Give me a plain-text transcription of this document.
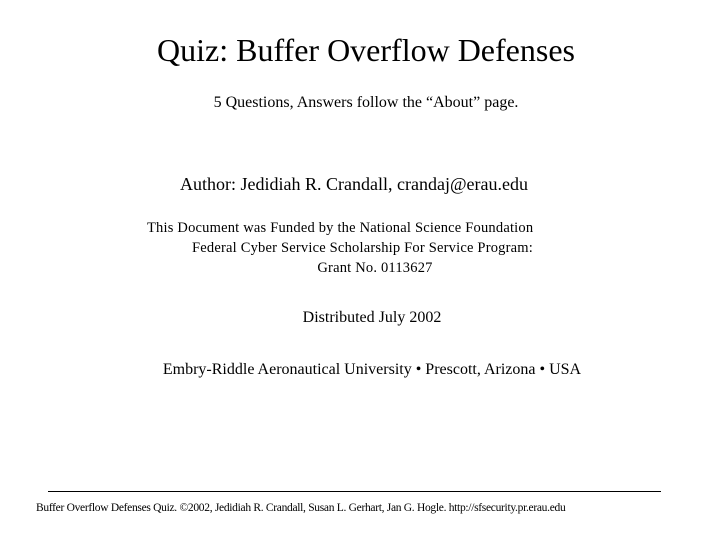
Quiz: Buffer Overflow Defenses
5 Questions, Answers follow the “About” page.
Author: Jedidiah R. Crandall, crandaj@erau.edu
This Document was Funded by the National Science Foundation
Federal Cyber Service Scholarship For Service Program:
Grant No. 0113627
Distributed July 2002
Embry-Riddle Aeronautical University • Prescott, Arizona • USA
Buffer Overflow Defenses Quiz. ©2002, Jedidiah R. Crandall, Susan L. Gerhart, Jan G. Hogle. http://sfsecurity.pr.erau.edu
